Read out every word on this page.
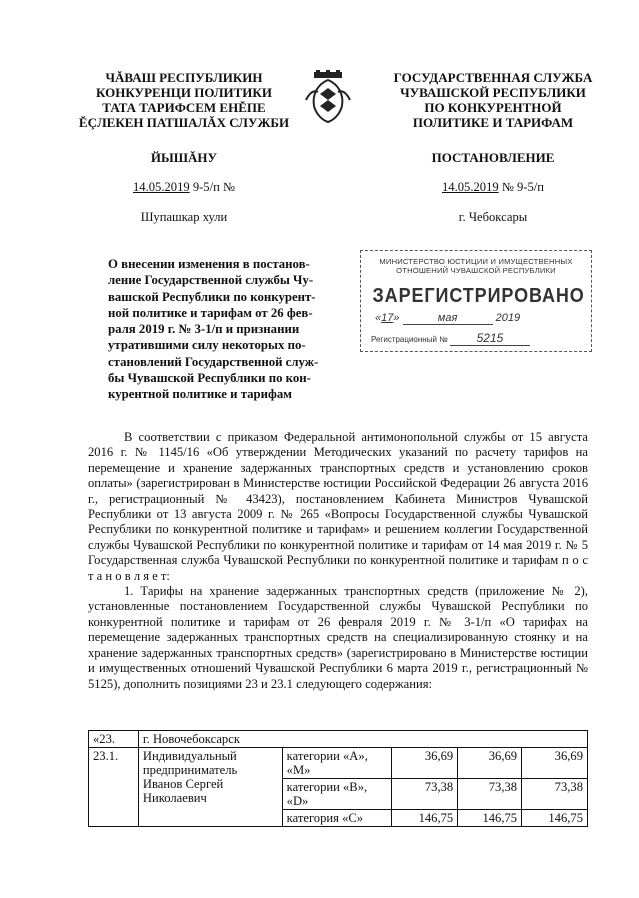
ЧĂВАШ РЕСПУБЛИКИН
КОНКУРЕНЦИ ПОЛИТИКИ
ТАТА ТАРИФСЕМ ЕНĔПЕ
ĔÇЛЕКЕН ПАТШАЛĂХ СЛУЖБИ
ГОСУДАРСТВЕННАЯ СЛУЖБА
ЧУВАШСКОЙ РЕСПУБЛИКИ
ПО КОНКУРЕНТНОЙ
ПОЛИТИКЕ И ТАРИФАМ
ЙЫШĂНУ	ПОСТАНОВЛЕНИЕ
14.05.2019 9-5/п №	14.05.2019 № 9-5/п
Шупашкар хули	г. Чебоксары
О внесении изменения в постанов-
ление Государственной службы Чу-
вашской Республики по конкурент-
ной политике и тарифам от 26 фев-
раля 2019 г. № 3-1/п и признании
утратившими силу некоторых по-
становлений Государственной служ-
бы Чувашской Республики по кон-
курентной политике и тарифам
МИНИСТЕРСТВО ЮСТИЦИИ И ИМУЩЕСТВЕННЫХ
ОТНОШЕНИЙ ЧУВАШСКОЙ РЕСПУБЛИКИ
ЗАРЕГИСТРИРОВАНО
«17»	мая	2019
Регистрационный № 5215

В соответствии с приказом Федеральной антимонопольной службы от 15 августа 2016 г. № 1145/16 «Об утверждении Методических указаний по расчету тарифов на перемещение и хранение задержанных транспортных средств и установлению сроков оплаты» (зарегистрирован в Министерстве юстиции Российской Федерации 26 августа 2016 г., регистрационный № 43423), постановлением Кабинета Министров Чувашской Республики от 13 августа 2009 г. № 265 «Вопросы Государственной службы Чувашской Республики по конкурентной политике и тарифам» и решением коллегии Государственной службы Чувашской Республики по конкурентной политике и тарифам от 14 мая 2019 г. № 5 Государственная служба Чувашской Республики по конкурентной политике и тарифам п о с т а н о в л я е т:

1. Тарифы на хранение задержанных транспортных средств (приложение № 2), установленные постановлением Государственной службы Чувашской Республики по конкурентной политике и тарифам от 26 февраля 2019 г. № 3-1/п «О тарифах на перемещение задержанных транспортных средств на специализированную стоянку и на хранение задержанных транспортных средств» (зарегистрировано в Министерстве юстиции и имущественных отношений Чувашской Республики 6 марта 2019 г., регистрационный № 5125), дополнить позициями 23 и 23.1 следующего содержания:

«23.	г. Новочебоксарск				
23.1.	Индивидуальный предприниматель Иванов Сергей Николаевич	категории «A», «M»	36,69	36,69	36,69
		категории «B», «D»	73,38	73,38	73,38
		категория «C»	146,75	146,75	146,75
